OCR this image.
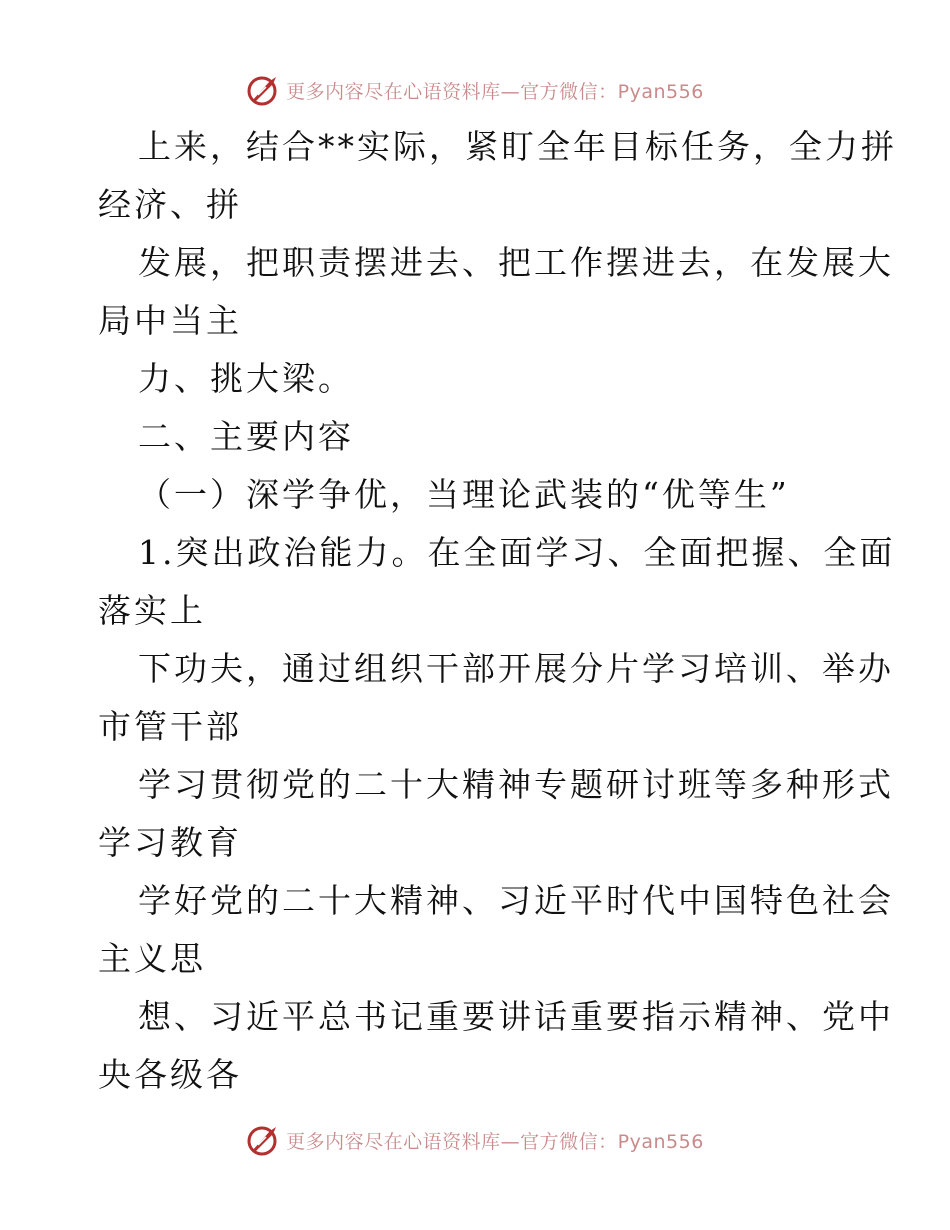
更多内容尽在心语资料库—官方微信：Pyan556
上来，结合**实际，紧盯全年目标任务，全力拼
经济、拼
发展，把职责摆进去、把工作摆进去，在发展大
局中当主
力、挑大梁。
二、主要内容
（一）深学争优，当理论武装的“优等生”
1.突出政治能力。在全面学习、全面把握、全面
落实上
下功夫，通过组织干部开展分片学习培训、举办
市管干部
学习贯彻党的二十大精神专题研讨班等多种形式
学习教育
学好党的二十大精神、习近平时代中国特色社会
主义思
想、习近平总书记重要讲话重要指示精神、党中
央各级各
更多内容尽在心语资料库—官方微信：Pyan556
